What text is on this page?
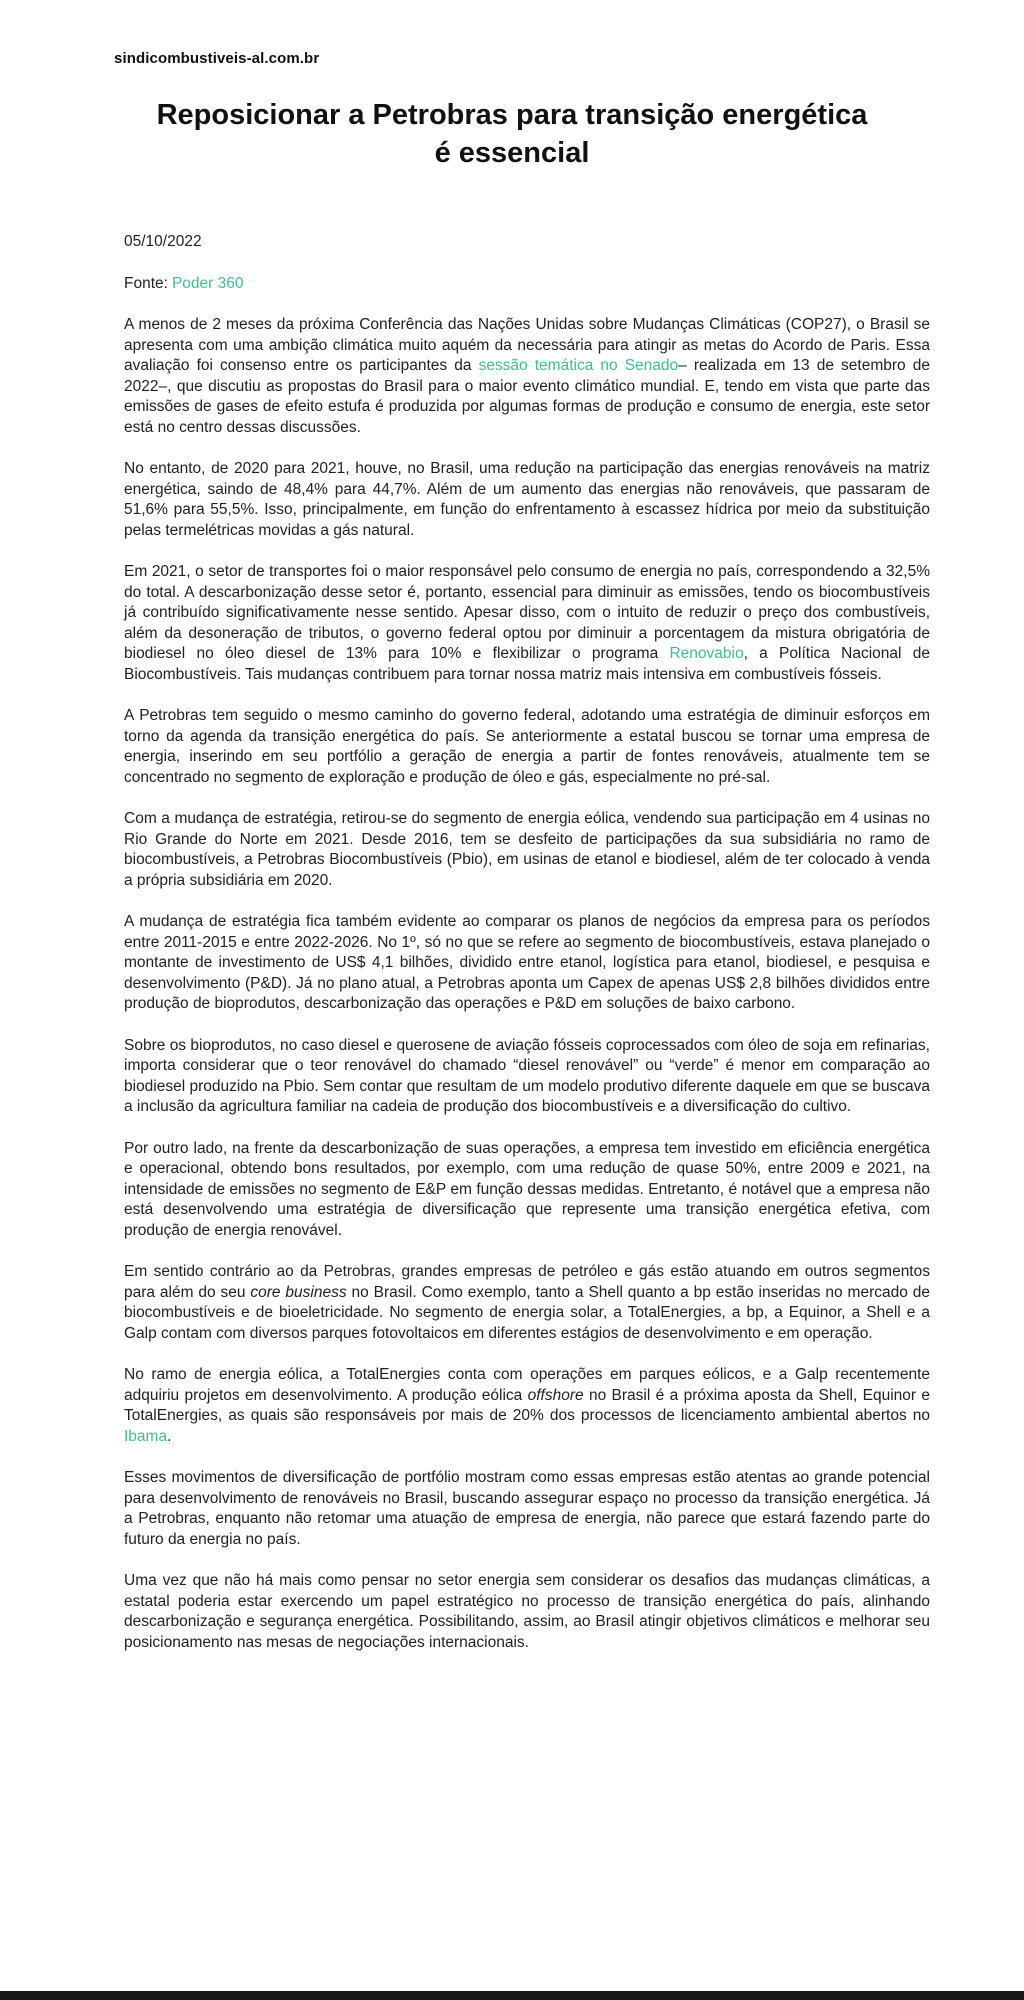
sindicombustiveis-al.com.br
Reposicionar a Petrobras para transição energética
é essencial

05/10/2022

Fonte: Poder 360

A menos de 2 meses da próxima Conferência das Nações Unidas sobre Mudanças Climáticas (COP27), o Brasil se apresenta com uma ambição climática muito aquém da necessária para atingir as metas do Acordo de Paris. Essa avaliação foi consenso entre os participantes da sessão temática no Senado– realizada em 13 de setembro de 2022–, que discutiu as propostas do Brasil para o maior evento climático mundial. E, tendo em vista que parte das emissões de gases de efeito estufa é produzida por algumas formas de produção e consumo de energia, este setor está no centro dessas discussões.

No entanto, de 2020 para 2021, houve, no Brasil, uma redução na participação das energias renováveis na matriz energética, saindo de 48,4% para 44,7%. Além de um aumento das energias não renováveis, que passaram de 51,6% para 55,5%. Isso, principalmente, em função do enfrentamento à escassez hídrica por meio da substituição pelas termelétricas movidas a gás natural.

Em 2021, o setor de transportes foi o maior responsável pelo consumo de energia no país, correspondendo a 32,5% do total. A descarbonização desse setor é, portanto, essencial para diminuir as emissões, tendo os biocombustíveis já contribuído significativamente nesse sentido. Apesar disso, com o intuito de reduzir o preço dos combustíveis, além da desoneração de tributos, o governo federal optou por diminuir a porcentagem da mistura obrigatória de biodiesel no óleo diesel de 13% para 10% e flexibilizar o programa Renovabio, a Política Nacional de Biocombustíveis. Tais mudanças contribuem para tornar nossa matriz mais intensiva em combustíveis fósseis.

A Petrobras tem seguido o mesmo caminho do governo federal, adotando uma estratégia de diminuir esforços em torno da agenda da transição energética do país. Se anteriormente a estatal buscou se tornar uma empresa de energia, inserindo em seu portfólio a geração de energia a partir de fontes renováveis, atualmente tem se concentrado no segmento de exploração e produção de óleo e gás, especialmente no pré-sal.

Com a mudança de estratégia, retirou-se do segmento de energia eólica, vendendo sua participação em 4 usinas no Rio Grande do Norte em 2021. Desde 2016, tem se desfeito de participações da sua subsidiária no ramo de biocombustíveis, a Petrobras Biocombustíveis (Pbio), em usinas de etanol e biodiesel, além de ter colocado à venda a própria subsidiária em 2020.

A mudança de estratégia fica também evidente ao comparar os planos de negócios da empresa para os períodos entre 2011-2015 e entre 2022-2026. No 1º, só no que se refere ao segmento de biocombustíveis, estava planejado o montante de investimento de US$ 4,1 bilhões, dividido entre etanol, logística para etanol, biodiesel, e pesquisa e desenvolvimento (P&D). Já no plano atual, a Petrobras aponta um Capex de apenas US$ 2,8 bilhões divididos entre produção de bioprodutos, descarbonização das operações e P&D em soluções de baixo carbono.

Sobre os bioprodutos, no caso diesel e querosene de aviação fósseis coprocessados com óleo de soja em refinarias, importa considerar que o teor renovável do chamado “diesel renovável” ou “verde” é menor em comparação ao biodiesel produzido na Pbio. Sem contar que resultam de um modelo produtivo diferente daquele em que se buscava a inclusão da agricultura familiar na cadeia de produção dos biocombustíveis e a diversificação do cultivo.

Por outro lado, na frente da descarbonização de suas operações, a empresa tem investido em eficiência energética e operacional, obtendo bons resultados, por exemplo, com uma redução de quase 50%, entre 2009 e 2021, na intensidade de emissões no segmento de E&P em função dessas medidas. Entretanto, é notável que a empresa não está desenvolvendo uma estratégia de diversificação que represente uma transição energética efetiva, com produção de energia renovável.

Em sentido contrário ao da Petrobras, grandes empresas de petróleo e gás estão atuando em outros segmentos para além do seu core business no Brasil. Como exemplo, tanto a Shell quanto a bp estão inseridas no mercado de biocombustíveis e de bioeletricidade. No segmento de energia solar, a TotalEnergies, a bp, a Equinor, a Shell e a Galp contam com diversos parques fotovoltaicos em diferentes estágios de desenvolvimento e em operação.

No ramo de energia eólica, a TotalEnergies conta com operações em parques eólicos, e a Galp recentemente adquiriu projetos em desenvolvimento. A produção eólica offshore no Brasil é a próxima aposta da Shell, Equinor e TotalEnergies, as quais são responsáveis por mais de 20% dos processos de licenciamento ambiental abertos no Ibama.

Esses movimentos de diversificação de portfólio mostram como essas empresas estão atentas ao grande potencial para desenvolvimento de renováveis no Brasil, buscando assegurar espaço no processo da transição energética. Já a Petrobras, enquanto não retomar uma atuação de empresa de energia, não parece que estará fazendo parte do futuro da energia no país.

Uma vez que não há mais como pensar no setor energia sem considerar os desafios das mudanças climáticas, a estatal poderia estar exercendo um papel estratégico no processo de transição energética do país, alinhando descarbonização e segurança energética. Possibilitando, assim, ao Brasil atingir objetivos climáticos e melhorar seu posicionamento nas mesas de negociações internacionais.
